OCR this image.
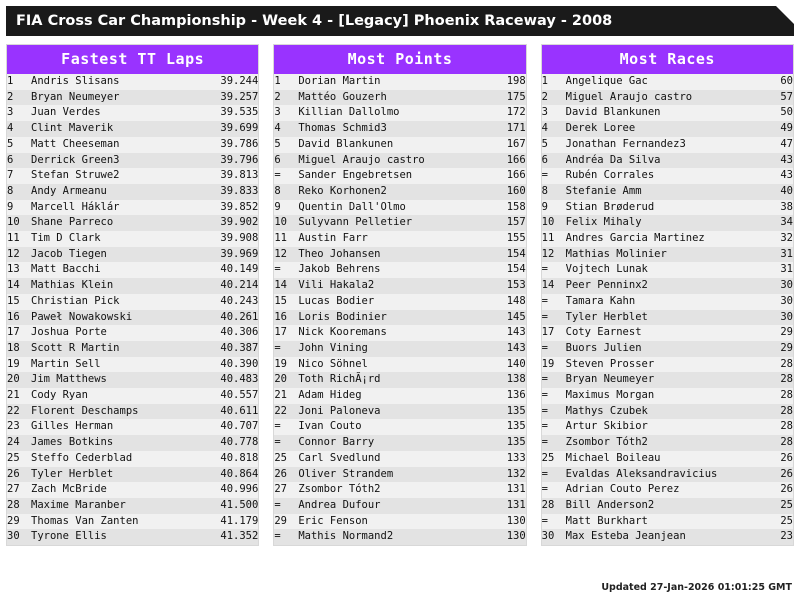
FIA Cross Car Championship - Week 4 - [Legacy] Phoenix Raceway - 2008
Fastest TT Laps
1	Andris Slisans	39.244
2	Bryan Neumeyer	39.257
3	Juan Verdes	39.535
4	Clint Maverik	39.699
5	Matt Cheeseman	39.786
6	Derrick Green3	39.796
7	Stefan Struwe2	39.813
8	Andy Armeanu	39.833
9	Marcell Háklár	39.852
10	Shane Parreco	39.902
11	Tim D Clark	39.908
12	Jacob Tiegen	39.969
13	Matt Bacchi	40.149
14	Mathias Klein	40.214
15	Christian Pick	40.243
16	Paweł Nowakowski	40.261
17	Joshua Porte	40.306
18	Scott R Martin	40.387
19	Martin Sell	40.390
20	Jim Matthews	40.483
21	Cody Ryan	40.557
22	Florent Deschamps	40.611
23	Gilles Herman	40.707
24	James Botkins	40.778
25	Steffo Cederblad	40.818
26	Tyler Herblet	40.864
27	Zach McBride	40.996
28	Maxime Maranber	41.500
29	Thomas Van Zanten	41.179
30	Tyrone Ellis	41.352
Most Points
1	Dorian Martin	198
2	Mattéo Gouzerh	175
3	Killian Dallolmo	172
4	Thomas Schmid3	171
5	David Blankunen	167
6	Miguel Araujo castro	166
=	Sander Engebretsen	166
8	Reko Korhonen2	160
9	Quentin Dall'Olmo	158
10	Sulyvann Pelletier	157
11	Austin Farr	155
12	Theo Johansen	154
=	Jakob Behrens	154
14	Vili Hakala2	153
15	Lucas Bodier	148
16	Loris Bodinier	145
17	Nick Kooremans	143
=	John Vining	143
19	Nico Söhnel	140
20	Toth RichÃ¡rd	138
21	Adam Hideg	136
22	Joni Paloneva	135
=	Ivan Couto	135
=	Connor Barry	135
25	Carl Svedlund	133
26	Oliver Strandem	132
27	Zsombor Tóth2	131
=	Andrea Dufour	131
29	Eric Fenson	130
=	Mathis Normand2	130
Most Races
1	Angelique Gac	60
2	Miguel Araujo castro	57
3	David Blankunen	50
4	Derek Loree	49
5	Jonathan Fernandez3	47
6	Andréa Da Silva	43
=	Rubén Corrales	43
8	Stefanie Amm	40
9	Stian Brøderud	38
10	Felix Mihaly	34
11	Andres Garcia Martinez	32
12	Mathias Molinier	31
=	Vojtech Lunak	31
14	Peer Penninx2	30
=	Tamara Kahn	30
=	Tyler Herblet	30
17	Coty Earnest	29
=	Buors Julien	29
19	Steven Prosser	28
=	Bryan Neumeyer	28
=	Maximus Morgan	28
=	Mathys Czubek	28
=	Artur Skibior	28
=	Zsombor Tóth2	28
25	Michael Boileau	26
=	Evaldas Aleksandravicius	26
=	Adrian Couto Perez	26
28	Bill Anderson2	25
=	Matt Burkhart	25
30	Max Esteba Jeanjean	23
Updated 27-Jan-2026 01:01:25 GMT
